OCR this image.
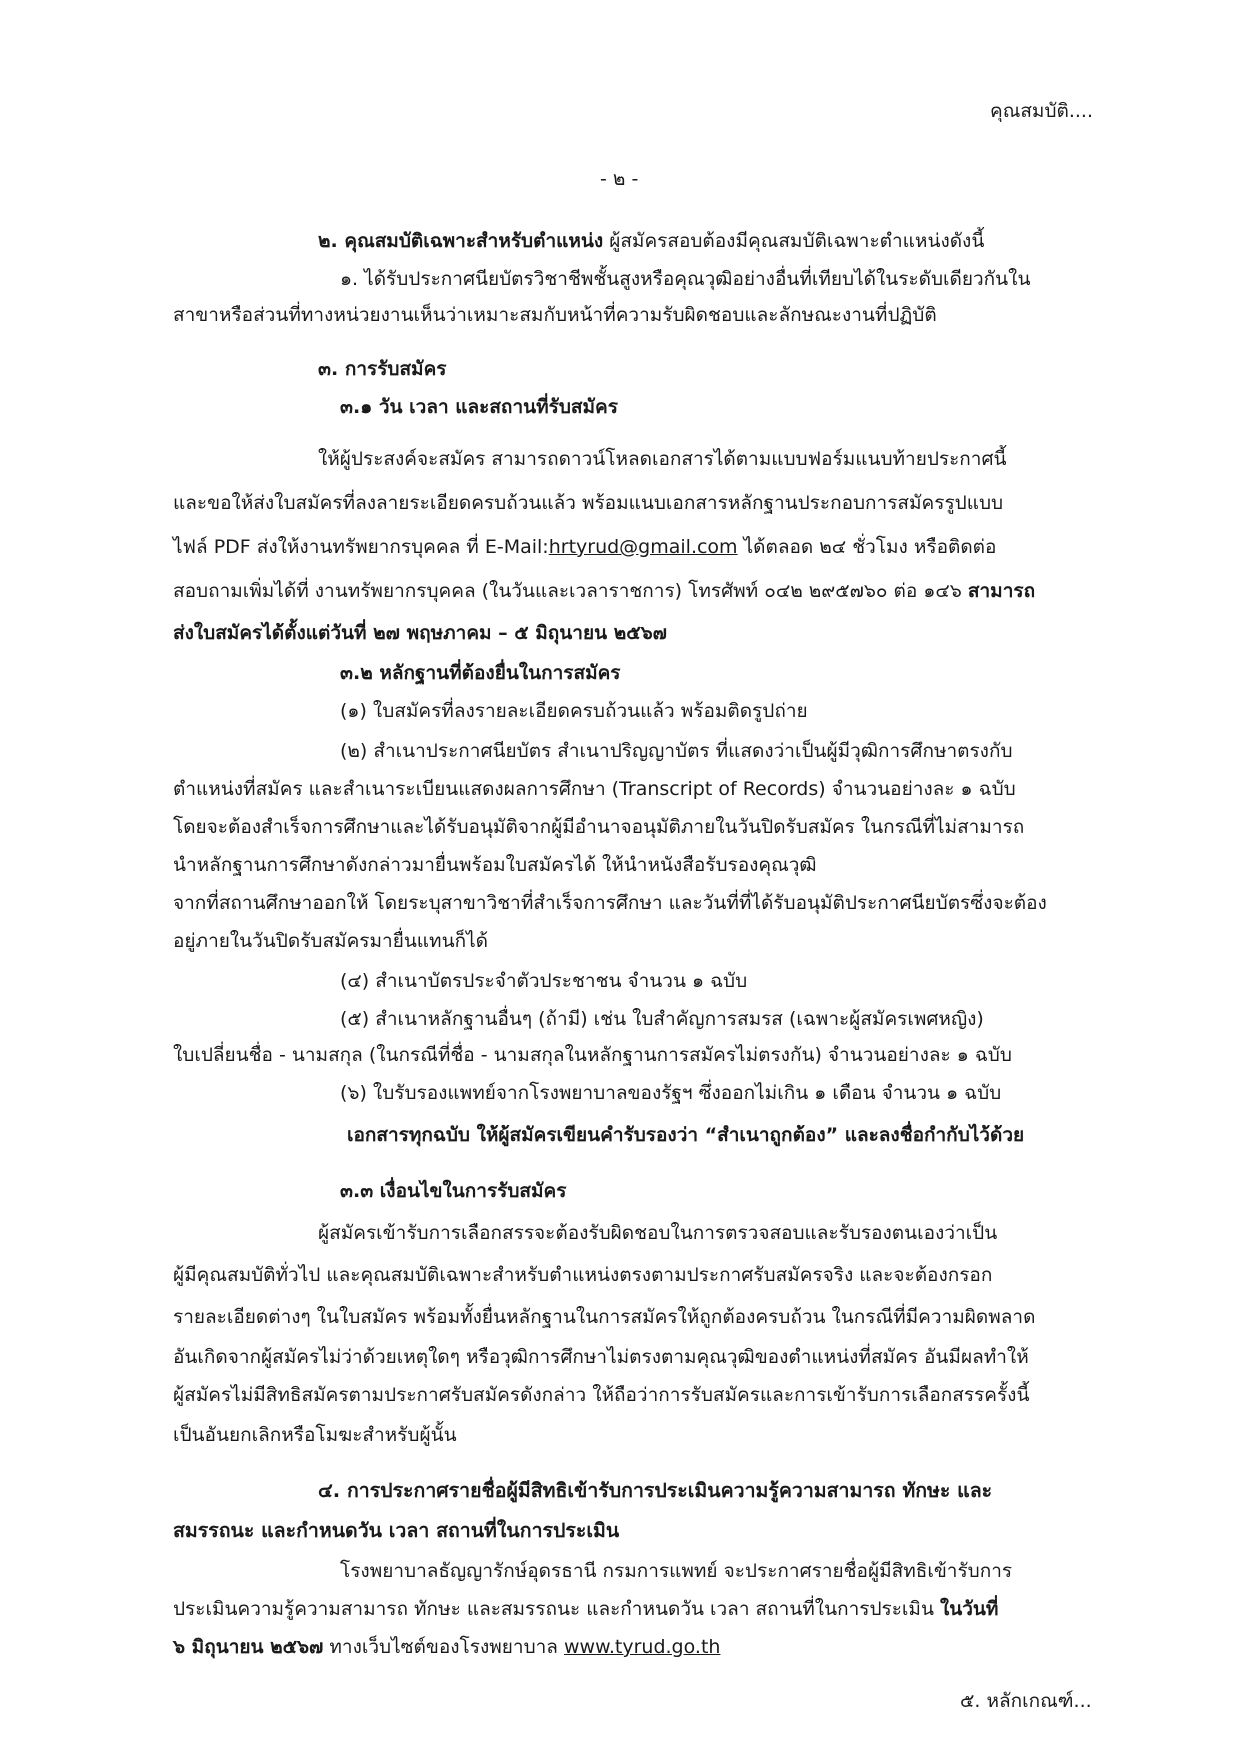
คุณสมบัติ....
- ๒ -
๒. คุณสมบัติเฉพาะสำหรับตำแหน่ง ผู้สมัครสอบต้องมีคุณสมบัติเฉพาะตำแหน่งดังนี้
๑. ได้รับประกาศนียบัตรวิชาชีพชั้นสูงหรือคุณวุฒิอย่างอื่นที่เทียบได้ในระดับเดียวกันใน
สาขาหรือส่วนที่ทางหน่วยงานเห็นว่าเหมาะสมกับหน้าที่ความรับผิดชอบและลักษณะงานที่ปฏิบัติ
๓. การรับสมัคร
๓.๑ วัน เวลา และสถานที่รับสมัคร
ให้ผู้ประสงค์จะสมัคร สามารถดาวน์โหลดเอกสารได้ตามแบบฟอร์มแนบท้ายประกาศนี้
และขอให้ส่งใบสมัครที่ลงลายระเอียดครบถ้วนแล้ว พร้อมแนบเอกสารหลักฐานประกอบการสมัครรูปแบบ
ไฟล์ PDF ส่งให้งานทรัพยากรบุคคล ที่ E-Mail:hrtyrud@gmail.com ได้ตลอด ๒๔ ชั่วโมง หรือติดต่อ
สอบถามเพิ่มได้ที่ งานทรัพยากรบุคคล (ในวันและเวลาราชการ) โทรศัพท์ ๐๔๒ ๒๙๕๗๖๐ ต่อ ๑๔๖ สามารถ
ส่งใบสมัครได้ตั้งแต่วันที่ ๒๗ พฤษภาคม – ๕ มิถุนายน ๒๕๖๗
๓.๒ หลักฐานที่ต้องยื่นในการสมัคร
(๑) ใบสมัครที่ลงรายละเอียดครบถ้วนแล้ว พร้อมติดรูปถ่าย
(๒) สำเนาประกาศนียบัตร สำเนาปริญญาบัตร ที่แสดงว่าเป็นผู้มีวุฒิการศึกษาตรงกับ
ตำแหน่งที่สมัคร และสำเนาระเบียนแสดงผลการศึกษา (Transcript of Records) จำนวนอย่างละ ๑ ฉบับ
โดยจะต้องสำเร็จการศึกษาและได้รับอนุมัติจากผู้มีอำนาจอนุมัติภายในวันปิดรับสมัคร ในกรณีที่ไม่สามารถ
นำหลักฐานการศึกษาดังกล่าวมายื่นพร้อมใบสมัครได้ ให้นำหนังสือรับรองคุณวุฒิ
จากที่สถานศึกษาออกให้ โดยระบุสาขาวิชาที่สำเร็จการศึกษา และวันที่ที่ได้รับอนุมัติประกาศนียบัตรซึ่งจะต้อง
อยู่ภายในวันปิดรับสมัครมายื่นแทนก็ได้
(๔) สำเนาบัตรประจำตัวประชาชน จำนวน ๑ ฉบับ
(๕) สำเนาหลักฐานอื่นๆ (ถ้ามี) เช่น ใบสำคัญการสมรส (เฉพาะผู้สมัครเพศหญิง)
ใบเปลี่ยนชื่อ - นามสกุล (ในกรณีที่ชื่อ - นามสกุลในหลักฐานการสมัครไม่ตรงกัน) จำนวนอย่างละ ๑ ฉบับ
(๖) ใบรับรองแพทย์จากโรงพยาบาลของรัฐฯ ซึ่งออกไม่เกิน ๑ เดือน จำนวน ๑ ฉบับ
เอกสารทุกฉบับ ให้ผู้สมัครเขียนคำรับรองว่า “สำเนาถูกต้อง” และลงชื่อกำกับไว้ด้วย
๓.๓ เงื่อนไขในการรับสมัคร
ผู้สมัครเข้ารับการเลือกสรรจะต้องรับผิดชอบในการตรวจสอบและรับรองตนเองว่าเป็น
ผู้มีคุณสมบัติทั่วไป และคุณสมบัติเฉพาะสำหรับตำแหน่งตรงตามประกาศรับสมัครจริง และจะต้องกรอก
รายละเอียดต่างๆ ในใบสมัคร พร้อมทั้งยื่นหลักฐานในการสมัครให้ถูกต้องครบถ้วน ในกรณีที่มีความผิดพลาด
อันเกิดจากผู้สมัครไม่ว่าด้วยเหตุใดๆ หรือวุฒิการศึกษาไม่ตรงตามคุณวุฒิของตำแหน่งที่สมัคร อันมีผลทำให้
ผู้สมัครไม่มีสิทธิสมัครตามประกาศรับสมัครดังกล่าว ให้ถือว่าการรับสมัครและการเข้ารับการเลือกสรรครั้งนี้
เป็นอันยกเลิกหรือโมฆะสำหรับผู้นั้น
๔. การประกาศรายชื่อผู้มีสิทธิเข้ารับการประเมินความรู้ความสามารถ ทักษะ และ
สมรรถนะ และกำหนดวัน เวลา สถานที่ในการประเมิน
โรงพยาบาลธัญญารักษ์อุดรธานี กรมการแพทย์ จะประกาศรายชื่อผู้มีสิทธิเข้ารับการ
ประเมินความรู้ความสามารถ ทักษะ และสมรรถนะ และกำหนดวัน เวลา สถานที่ในการประเมิน ในวันที่
๖ มิถุนายน ๒๕๖๗ ทางเว็บไซต์ของโรงพยาบาล www.tyrud.go.th
๕. หลักเกณฑ์...
